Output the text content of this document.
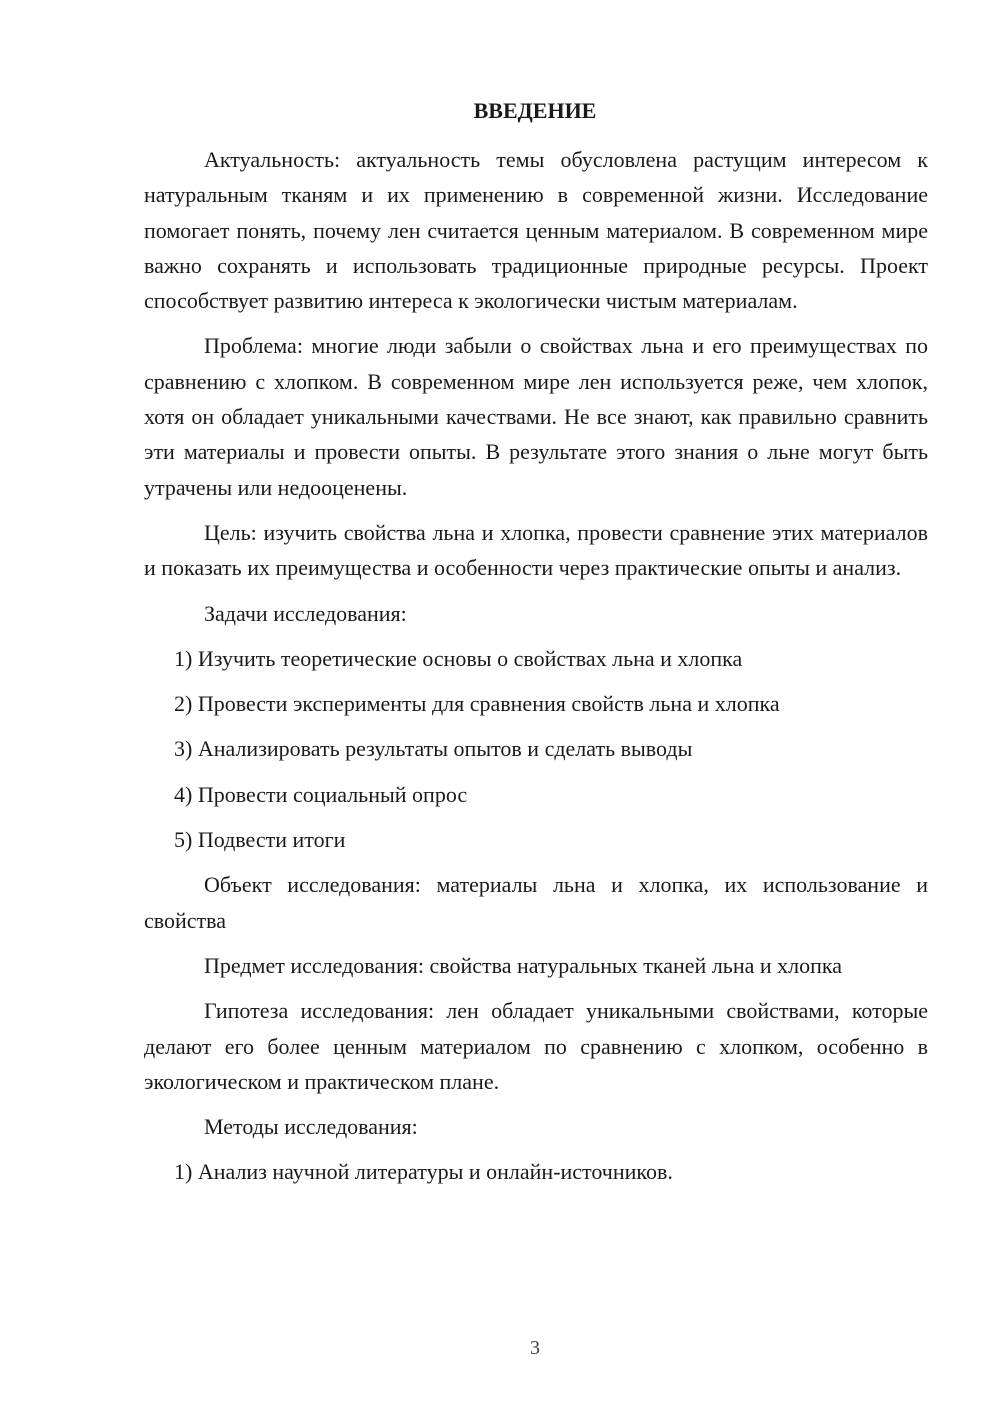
ВВЕДЕНИЕ

Актуальность: актуальность темы обусловлена растущим интересом к натуральным тканям и их применению в современной жизни. Исследование помогает понять, почему лен считается ценным материалом. В современном мире важно сохранять и использовать традиционные природные ресурсы. Проект способствует развитию интереса к экологически чистым материалам.

Проблема: многие люди забыли о свойствах льна и его преимуществах по сравнению с хлопком. В современном мире лен используется реже, чем хлопок, хотя он обладает уникальными качествами. Не все знают, как правильно сравнить эти материалы и провести опыты. В результате этого знания о льне могут быть утрачены или недооценены.

Цель: изучить свойства льна и хлопка, провести сравнение этих материалов и показать их преимущества и особенности через практические опыты и анализ.

Задачи исследования:

1) Изучить теоретические основы о свойствах льна и хлопка

2) Провести эксперименты для сравнения свойств льна и хлопка

3) Анализировать результаты опытов и сделать выводы

4) Провести социальный опрос

5) Подвести итоги

Объект исследования: материалы льна и хлопка, их использование и свойства

Предмет исследования: свойства натуральных тканей льна и хлопка

Гипотеза исследования: лен обладает уникальными свойствами, которые делают его более ценным материалом по сравнению с хлопком, особенно в экологическом и практическом плане.

Методы исследования:

1) Анализ научной литературы и онлайн-источников.

3
